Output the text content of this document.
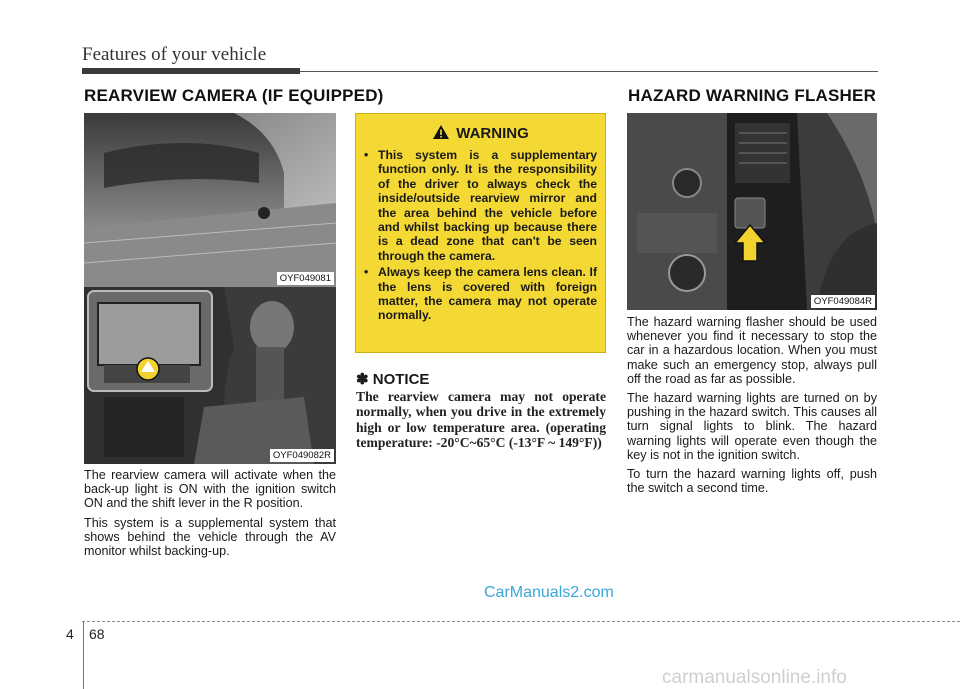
Features of your vehicle
REARVIEW CAMERA (IF EQUIPPED)	HAZARD WARNING FLASHER
OYF049081
OYF049082R

The rearview camera will activate when the back-up light is ON with the ignition switch ON and the shift lever in the R position.

This system is a supplemental system that shows behind the vehicle through the AV monitor whilst backing-up.

WARNING
• This system is a supplementary function only. It is the responsibility of the driver to always check the inside/outside rearview mirror and the area behind the vehicle before and whilst backing up because there is a dead zone that can't be seen through the camera.
• Always keep the camera lens clean. If the lens is covered with foreign matter, the camera may not operate normally.
✽ NOTICE
The rearview camera may not operate normally, when you drive in the extremely high or low temperature area. (operating temperature: -20°C~65°C (-13°F ~ 149°F))
OYF049084R

The hazard warning flasher should be used whenever you find it necessary to stop the car in a hazardous location. When you must make such an emergency stop, always pull off the road as far as possible.

The hazard warning lights are turned on by pushing in the hazard switch. This causes all turn signal lights to blink. The hazard warning lights will operate even though the key is not in the ignition switch.

To turn the hazard warning lights off, push the switch a second time.

CarManuals2.com
4 68
carmanualsonline.info
